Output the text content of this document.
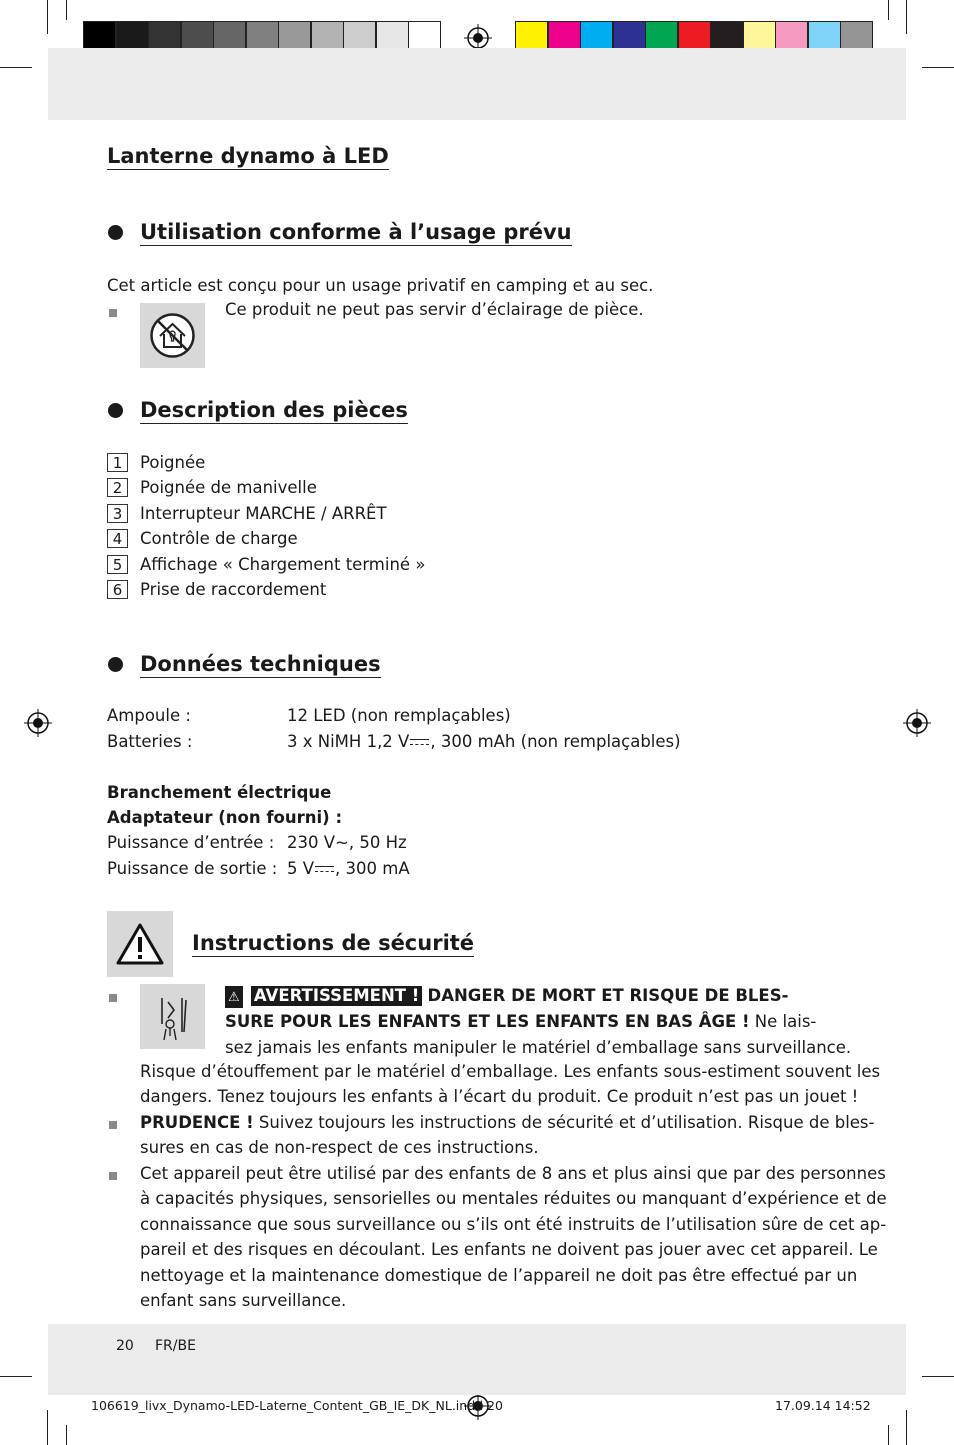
Lanterne dynamo à LED
Utilisation conforme à l’usage prévu
Cet article est conçu pour un usage privatif en camping et au sec.
Ce produit ne peut pas servir d’éclairage de pièce.
Description des pièces
1	Poignée
2	Poignée de manivelle
3	Interrupteur MARCHE / ARRÊT
4	Contrôle de charge
5	Affichage « Chargement terminé »
6	Prise de raccordement
Données techniques
Ampoule :	12 LED (non remplaçables)
Batteries :	3 x NiMH 1,2 V , 300 mAh (non remplaçables)
Branchement électrique
Adaptateur (non fourni) :
Puissance d’entrée : 230 V~, 50 Hz
Puissance de sortie : 5 V , 300 mA
Instructions de sécurité
⚠ AVERTISSEMENT ! DANGER DE MORT ET RISQUE DE BLES-
SURE POUR LES ENFANTS ET LES ENFANTS EN BAS ÂGE ! Ne lais-
sez jamais les enfants manipuler le matériel d’emballage sans surveillance.
Risque d’étouffement par le matériel d’emballage. Les enfants sous-estiment souvent les
dangers. Tenez toujours les enfants à l’écart du produit. Ce produit n’est pas un jouet !
PRUDENCE ! Suivez toujours les instructions de sécurité et d’utilisation. Risque de bles-
sures en cas de non-respect de ces instructions.
Cet appareil peut être utilisé par des enfants de 8 ans et plus ainsi que par des personnes
à capacités physiques, sensorielles ou mentales réduites ou manquant d’expérience et de
connaissance que sous surveillance ou s’ils ont été instruits de l’utilisation sûre de cet ap-
pareil et des risques en découlant. Les enfants ne doivent pas jouer avec cet appareil. Le
nettoyage et la maintenance domestique de l’appareil ne doit pas être effectué par un
enfant sans surveillance.
20 FR/BE
106619_livx_Dynamo-LED-Laterne_Content_GB_IE_DK_NL.indd 20	17.09.14 14:52
